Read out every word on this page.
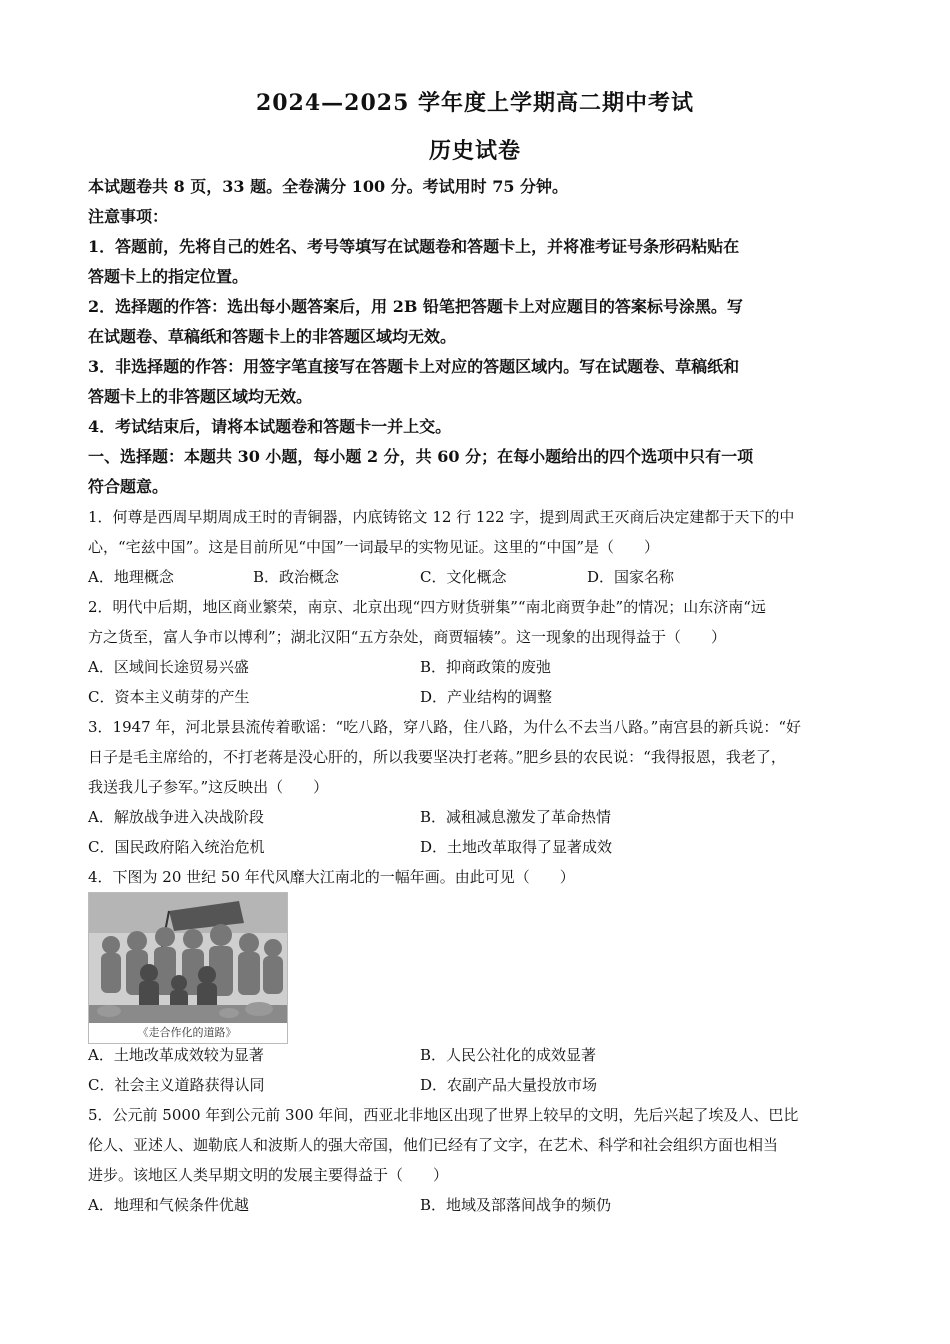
2024—2025 学年度上学期高二期中考试
历史试卷
本试题卷共 8 页，33 题。全卷满分 100 分。考试用时 75 分钟。
注意事项：
1．答题前，先将自己的姓名、考号等填写在试题卷和答题卡上，并将准考证号条形码粘贴在
答题卡上的指定位置。
2．选择题的作答：选出每小题答案后，用 2B 铅笔把答题卡上对应题目的答案标号涂黑。写
在试题卷、草稿纸和答题卡上的非答题区域均无效。
3．非选择题的作答：用签字笔直接写在答题卡上对应的答题区域内。写在试题卷、草稿纸和
答题卡上的非答题区域均无效。
4．考试结束后，请将本试题卷和答题卡一并上交。
一、选择题：本题共 30 小题，每小题 2 分，共 60 分；在每小题给出的四个选项中只有一项
符合题意。
1．何尊是西周早期周成王时的青铜器，内底铸铭文 12 行 122 字，提到周武王灭商后决定建都于天下的中
心，“宅兹中国”。这是目前所见“中国”一词最早的实物见证。这里的“中国”是（　　）
A．地理概念	B．政治概念	C．文化概念	D．国家名称
2．明代中后期，地区商业繁荣，南京、北京出现“四方财货骈集”“南北商贾争赴”的情况；山东济南“远
方之货至，富人争市以博利”；湖北汉阳“五方杂处，商贾辐辏”。这一现象的出现得益于（　　）
A．区域间长途贸易兴盛	B．抑商政策的废弛
C．资本主义萌芽的产生	D．产业结构的调整
3．1947 年，河北景县流传着歌谣：“吃八路，穿八路，住八路，为什么不去当八路。”南宫县的新兵说：“好
日子是毛主席给的，不打老蒋是没心肝的，所以我要坚决打老蒋。”肥乡县的农民说：“我得报恩，我老了，
我送我儿子参军。”这反映出（　　）
A．解放战争进入决战阶段	B．减租减息激发了革命热情
C．国民政府陷入统治危机	D．土地改革取得了显著成效
4．下图为 20 世纪 50 年代风靡大江南北的一幅年画。由此可见（　　）
《走合作化的道路》
A．土地改革成效较为显著	B．人民公社化的成效显著
C．社会主义道路获得认同	D．农副产品大量投放市场
5．公元前 5000 年到公元前 300 年间，西亚北非地区出现了世界上较早的文明，先后兴起了埃及人、巴比
伦人、亚述人、迦勒底人和波斯人的强大帝国，他们已经有了文字，在艺术、科学和社会组织方面也相当
进步。该地区人类早期文明的发展主要得益于（　　）
A．地理和气候条件优越	B．地域及部落间战争的频仍
